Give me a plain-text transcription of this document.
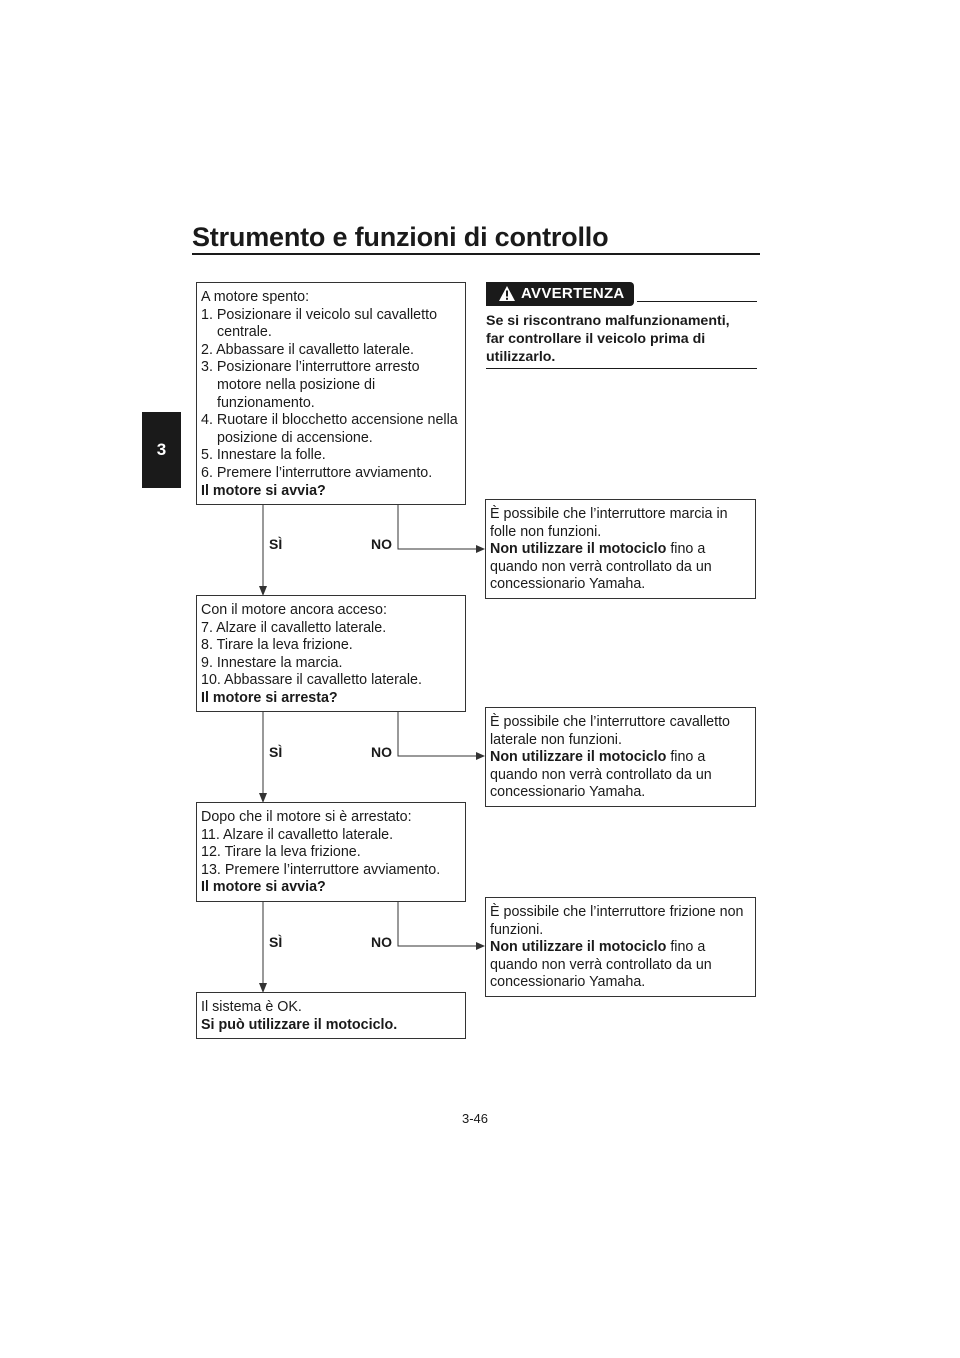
Strumento e funzioni di controllo
3
A motore spento:
1. Posizionare il veicolo sul cavalletto
centrale.
2. Abbassare il cavalletto laterale.
3. Posizionare l’interruttore arresto
motore nella posizione di
funzionamento.
4. Ruotare il blocchetto accensione nella
posizione di accensione.
5. Innestare la folle.
6. Premere l’interruttore avviamento.
Il motore si avvia?
Con il motore ancora acceso:
7. Alzare il cavalletto laterale.
8. Tirare la leva frizione.
9. Innestare la marcia.
10. Abbassare il cavalletto laterale.
Il motore si arresta?
Dopo che il motore si è arrestato:
11. Alzare il cavalletto laterale.
12. Tirare la leva frizione.
13. Premere l’interruttore avviamento.
Il motore si avvia?
Il sistema è OK.
Si può utilizzare il motociclo.
SÌ	NO
SÌ	NO
SÌ	NO
È possibile che l’interruttore marcia in
folle non funzioni.
Non utilizzare il motociclo fino a
quando non verrà controllato da un
concessionario Yamaha.
È possibile che l’interruttore cavalletto
laterale non funzioni.
Non utilizzare il motociclo fino a
quando non verrà controllato da un
concessionario Yamaha.
È possibile che l’interruttore frizione non
funzioni.
Non utilizzare il motociclo fino a
quando non verrà controllato da un
concessionario Yamaha.
AVVERTENZA
Se si riscontrano malfunzionamenti,
far controllare il veicolo prima di
utilizzarlo.
3-46
